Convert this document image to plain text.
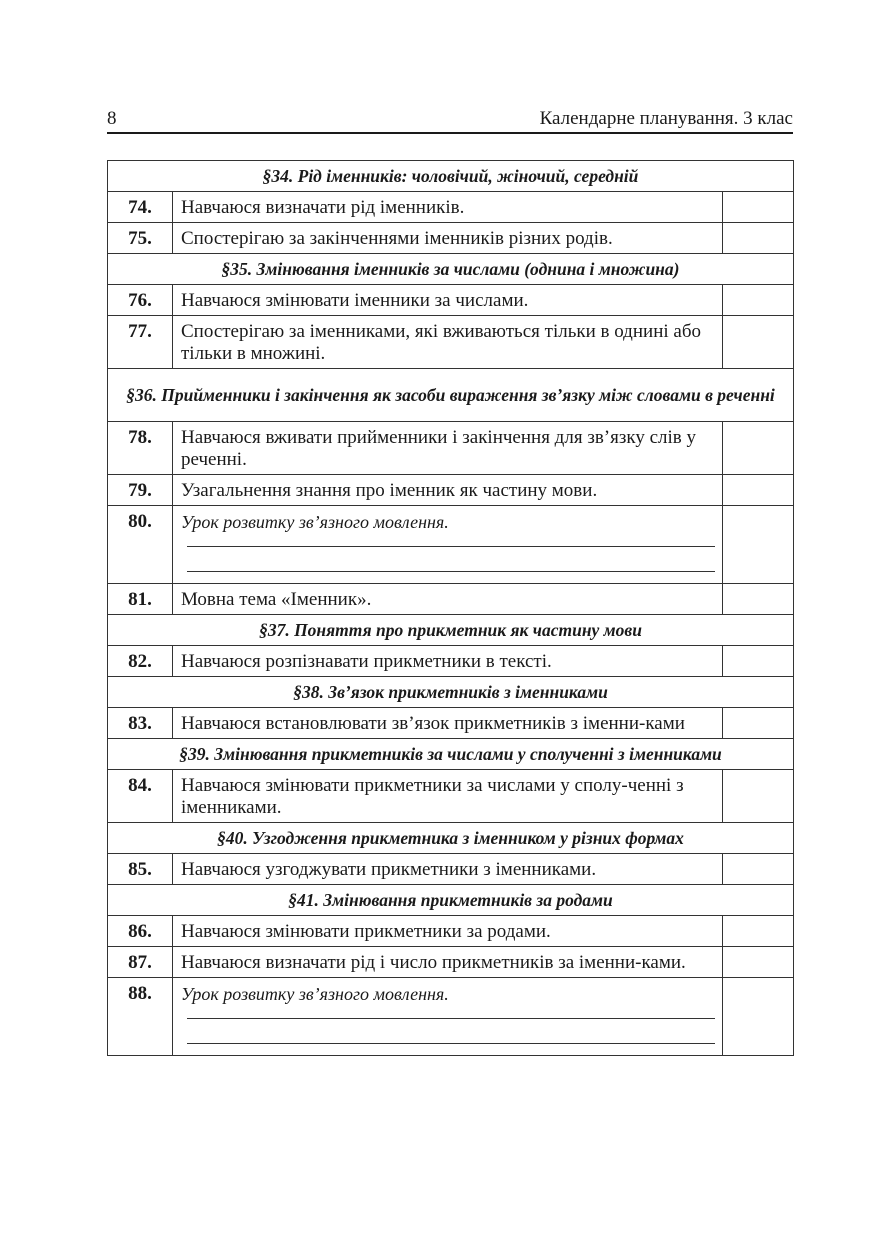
8	Календарне планування. 3 клас
§34. Рід іменників: чоловічий, жіночий, середній		
74.	Навчаюся визначати рід іменників.	
75.	Спостерігаю за закінченнями іменників різних родів.	
§35. Змінювання іменників за числами (однина і множина)		
76.	Навчаюся змінювати іменники за числами.	
77.	Спостерігаю за іменниками, які вживаються тільки в однині або тільки в множині.	
§36. Прийменники і закінчення як засоби вираження зв’язку між словами в реченні		
78.	Навчаюся вживати прийменники і закінчення для зв’язку слів у реченні.	
79.	Узагальнення знання про іменник як частину мови.	
80.	Урок розвитку зв’язного мовлення.	

81.	Мовна тема «Іменник».	
§37. Поняття про прикметник як частину мови		
82.	Навчаюся розпізнавати прикметники в тексті.	
§38. Зв’язок прикметників з іменниками		
83.	Навчаюся встановлювати зв’язок прикметників з іменни-ками	
§39. Змінювання прикметників за числами у сполученні з іменниками		
84.	Навчаюся змінювати прикметники за числами у сполу-ченні з іменниками.	
§40. Узгодження прикметника з іменником у різних формах		
85.	Навчаюся узгоджувати прикметники з іменниками.	
§41. Змінювання прикметників за родами		
86.	Навчаюся змінювати прикметники за родами.	
87.	Навчаюся визначати рід і число прикметників за іменни-ками.	
88.	Урок розвитку зв’язного мовлення.	
